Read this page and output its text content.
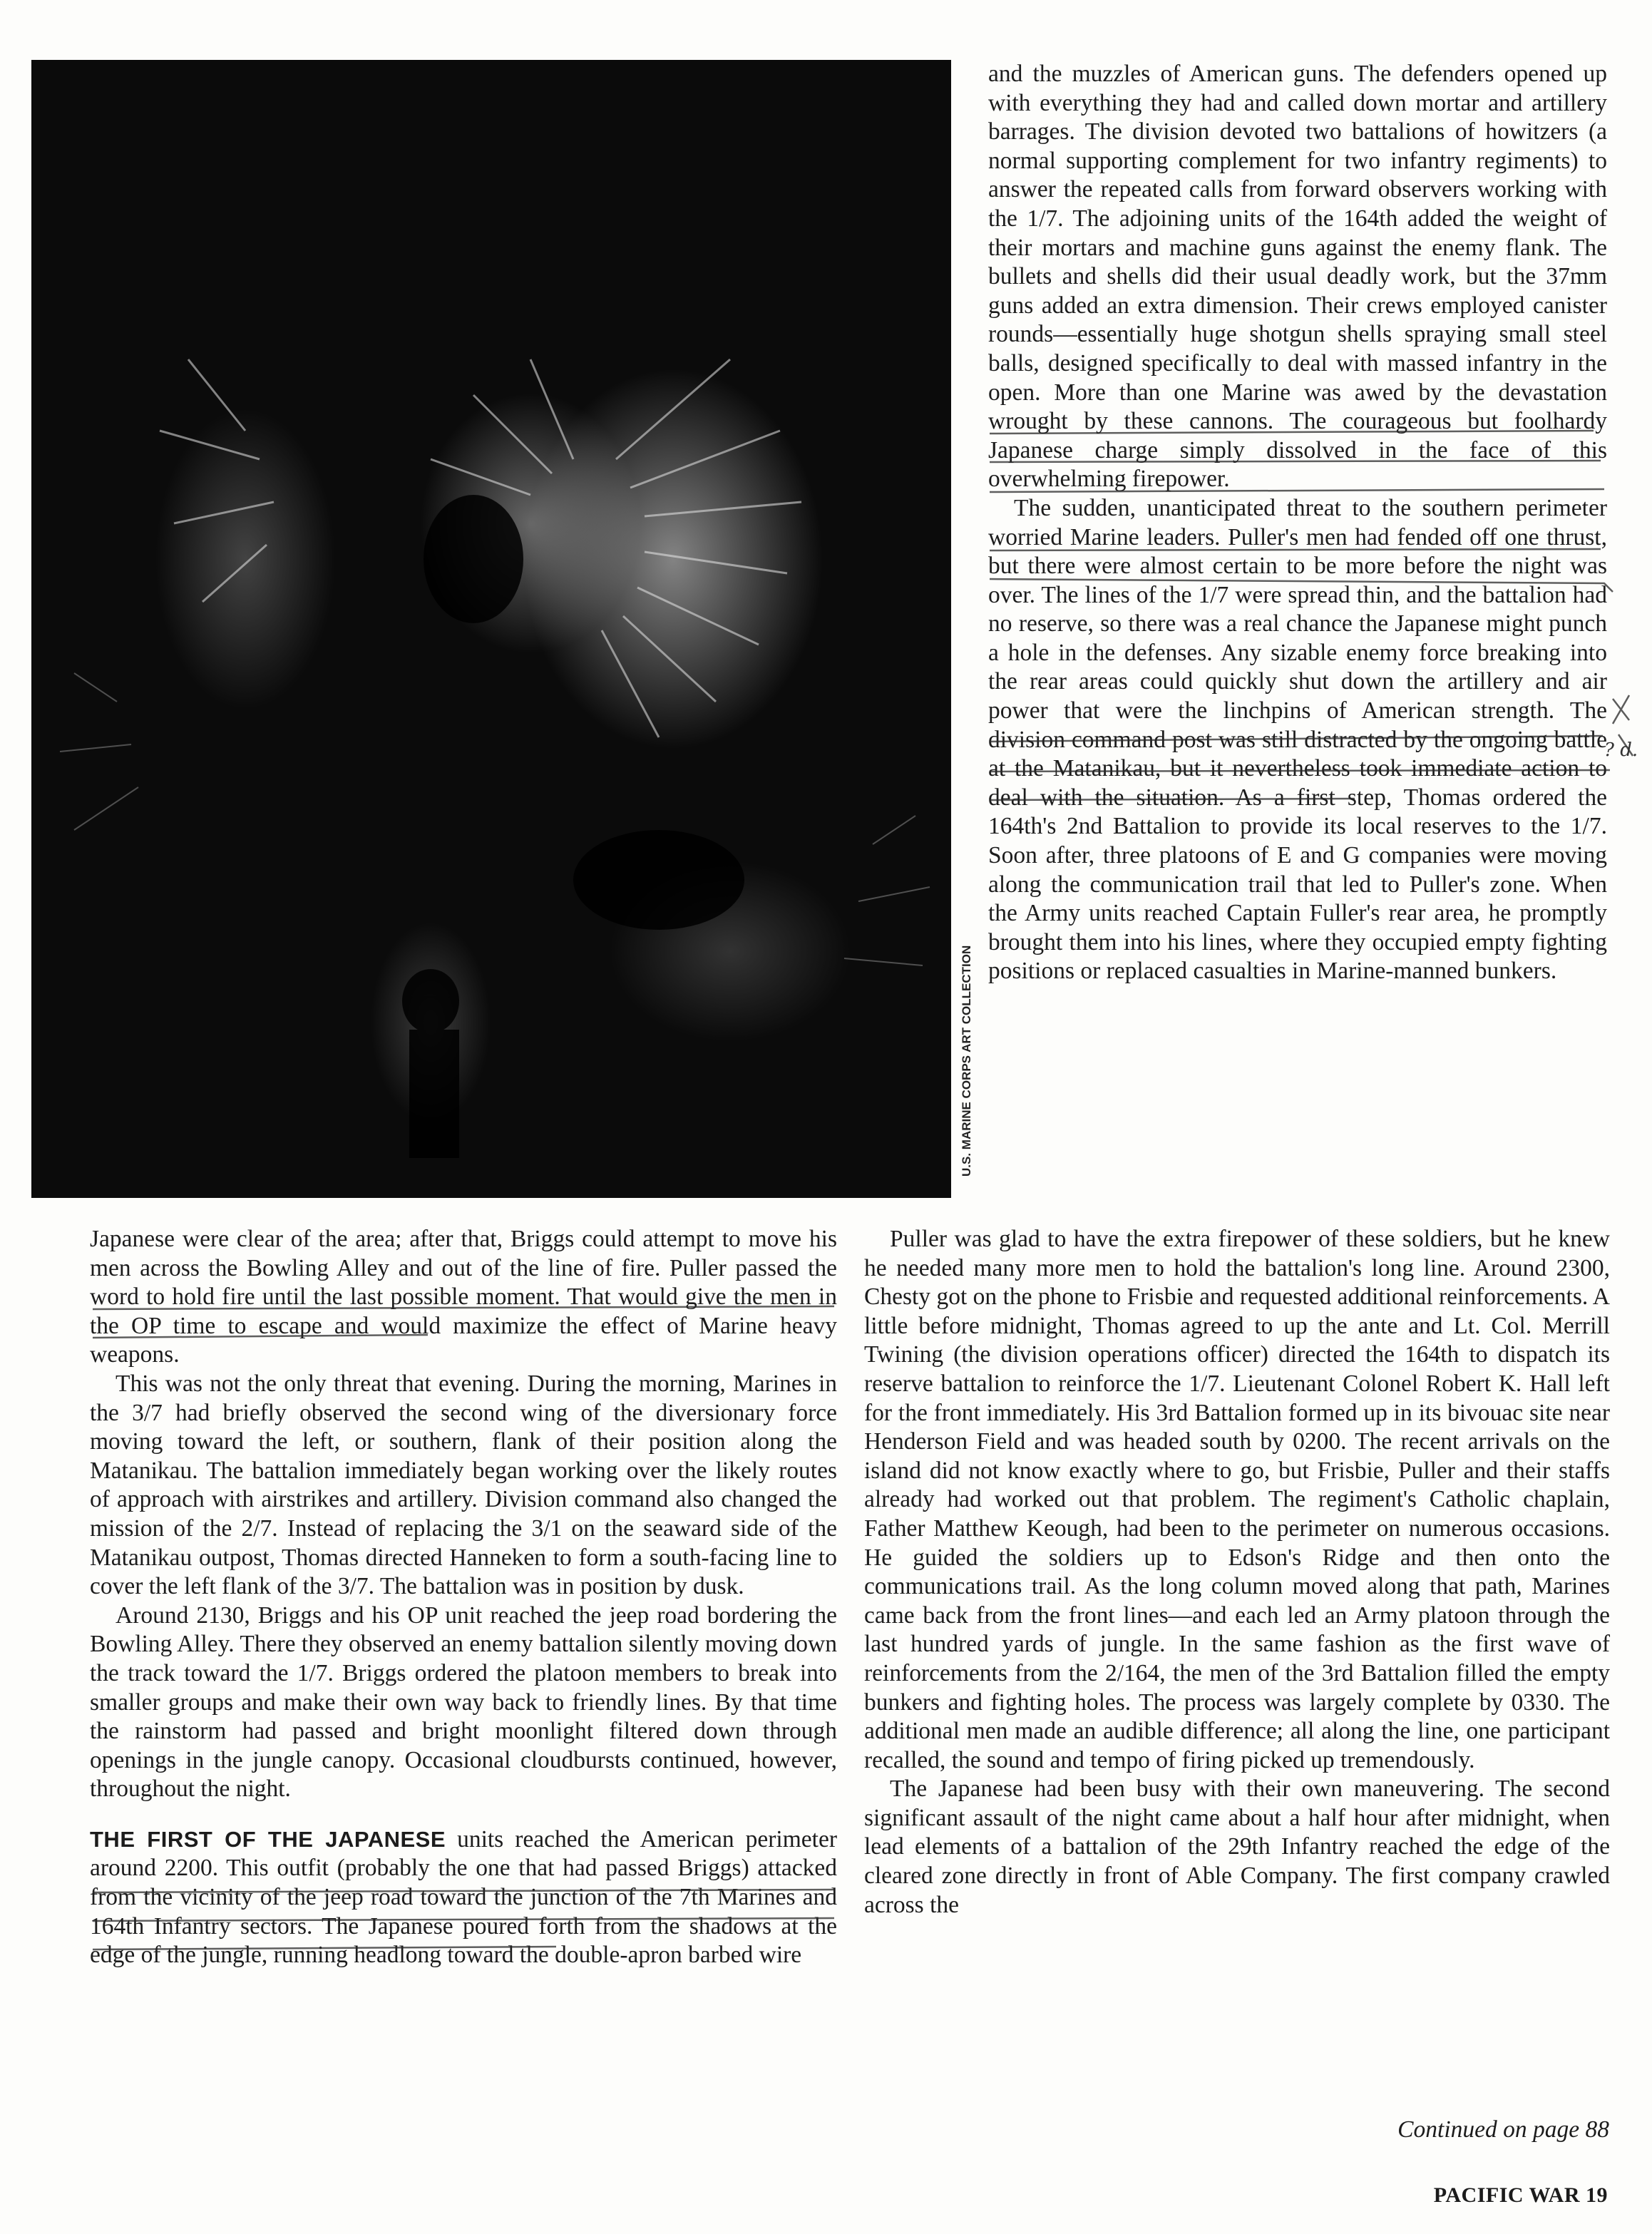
U.S. MARINE CORPS ART COLLECTION

and the muzzles of American guns. The defenders opened up with everything they had and called down mortar and artillery barrages. The division devoted two battalions of howitzers (a normal supporting complement for two infantry regiments) to answer the repeated calls from forward observers working with the 1/7. The adjoining units of the 164th added the weight of their mortars and machine guns against the enemy flank. The bullets and shells did their usual deadly work, but the 37mm guns added an extra dimension. Their crews employed canister rounds—essentially huge shotgun shells spraying small steel balls, designed specifically to deal with massed infantry in the open. More than one Marine was awed by the devastation wrought by these cannons. The courageous but foolhardy Japanese charge simply dissolved in the face of this overwhelming firepower.

The sudden, unanticipated threat to the southern perimeter worried Marine leaders. Puller's men had fended off one thrust, but there were almost certain to be more before the night was over. The lines of the 1/7 were spread thin, and the battalion had no reserve, so there was a real chance the Japanese might punch a hole in the defenses. Any sizable enemy force breaking into the rear areas could quickly shut down the artillery and air power that were the linchpins of American strength. The division command post was still distracted by the ongoing battle at the Matanikau, but it nevertheless took immediate action to deal with the situation. As a first step, Thomas ordered the 164th's 2nd Battalion to provide its local reserves to the 1/7. Soon after, three platoons of E and G companies were moving along the communication trail that led to Puller's zone. When the Army units reached Captain Fuller's rear area, he promptly brought them into his lines, where they occupied empty fighting positions or replaced casualties in Marine-manned bunkers.

Japanese were clear of the area; after that, Briggs could attempt to move his men across the Bowling Alley and out of the line of fire. Puller passed the word to hold fire until the last possible moment. That would give the men in the OP time to escape and would maximize the effect of Marine heavy weapons.

This was not the only threat that evening. During the morning, Marines in the 3/7 had briefly observed the second wing of the diversionary force moving toward the left, or southern, flank of their position along the Matanikau. The battalion immediately began working over the likely routes of approach with airstrikes and artillery. Division command also changed the mission of the 2/7. Instead of replacing the 3/1 on the seaward side of the Matanikau outpost, Thomas directed Hanneken to form a south-facing line to cover the left flank of the 3/7. The battalion was in position by dusk.

Around 2130, Briggs and his OP unit reached the jeep road bordering the Bowling Alley. There they observed an enemy battalion silently moving down the track toward the 1/7. Briggs ordered the platoon members to break into smaller groups and make their own way back to friendly lines. By that time the rainstorm had passed and bright moonlight filtered down through openings in the jungle canopy. Occasional cloudbursts continued, however, throughout the night.

THE FIRST OF THE JAPANESE units reached the American perimeter around 2200. This outfit (probably the one that had passed Briggs) attacked from the vicinity of the jeep road toward the junction of the 7th Marines and 164th Infantry sectors. The Japanese poured forth from the shadows at the edge of the jungle, running headlong toward the double-apron barbed wire

Puller was glad to have the extra firepower of these soldiers, but he knew he needed many more men to hold the battalion's long line. Around 2300, Chesty got on the phone to Frisbie and requested additional reinforcements. A little before midnight, Thomas agreed to up the ante and Lt. Col. Merrill Twining (the division operations officer) directed the 164th to dispatch its reserve battalion to reinforce the 1/7. Lieutenant Colonel Robert K. Hall left for the front immediately. His 3rd Battalion formed up in its bivouac site near Henderson Field and was headed south by 0200. The recent arrivals on the island did not know exactly where to go, but Frisbie, Puller and their staffs already had worked out that problem. The regiment's Catholic chaplain, Father Matthew Keough, had been to the perimeter on numerous occasions. He guided the soldiers up to Edson's Ridge and then onto the communications trail. As the long column moved along that path, Marines came back from the front lines—and each led an Army platoon through the last hundred yards of jungle. In the same fashion as the first wave of reinforcements from the 2/164, the men of the 3rd Battalion filled the empty bunkers and fighting holes. The process was largely complete by 0330. The additional men made an audible difference; all along the line, one participant recalled, the sound and tempo of firing picked up tremendously.

The Japanese had been busy with their own maneuvering. The second significant assault of the night came about a half hour after midnight, when lead elements of a battalion of the 29th Infantry reached the edge of the cleared zone directly in front of Able Company. The first company crawled across the

Continued on page 88
PACIFIC WAR 19
? d.
